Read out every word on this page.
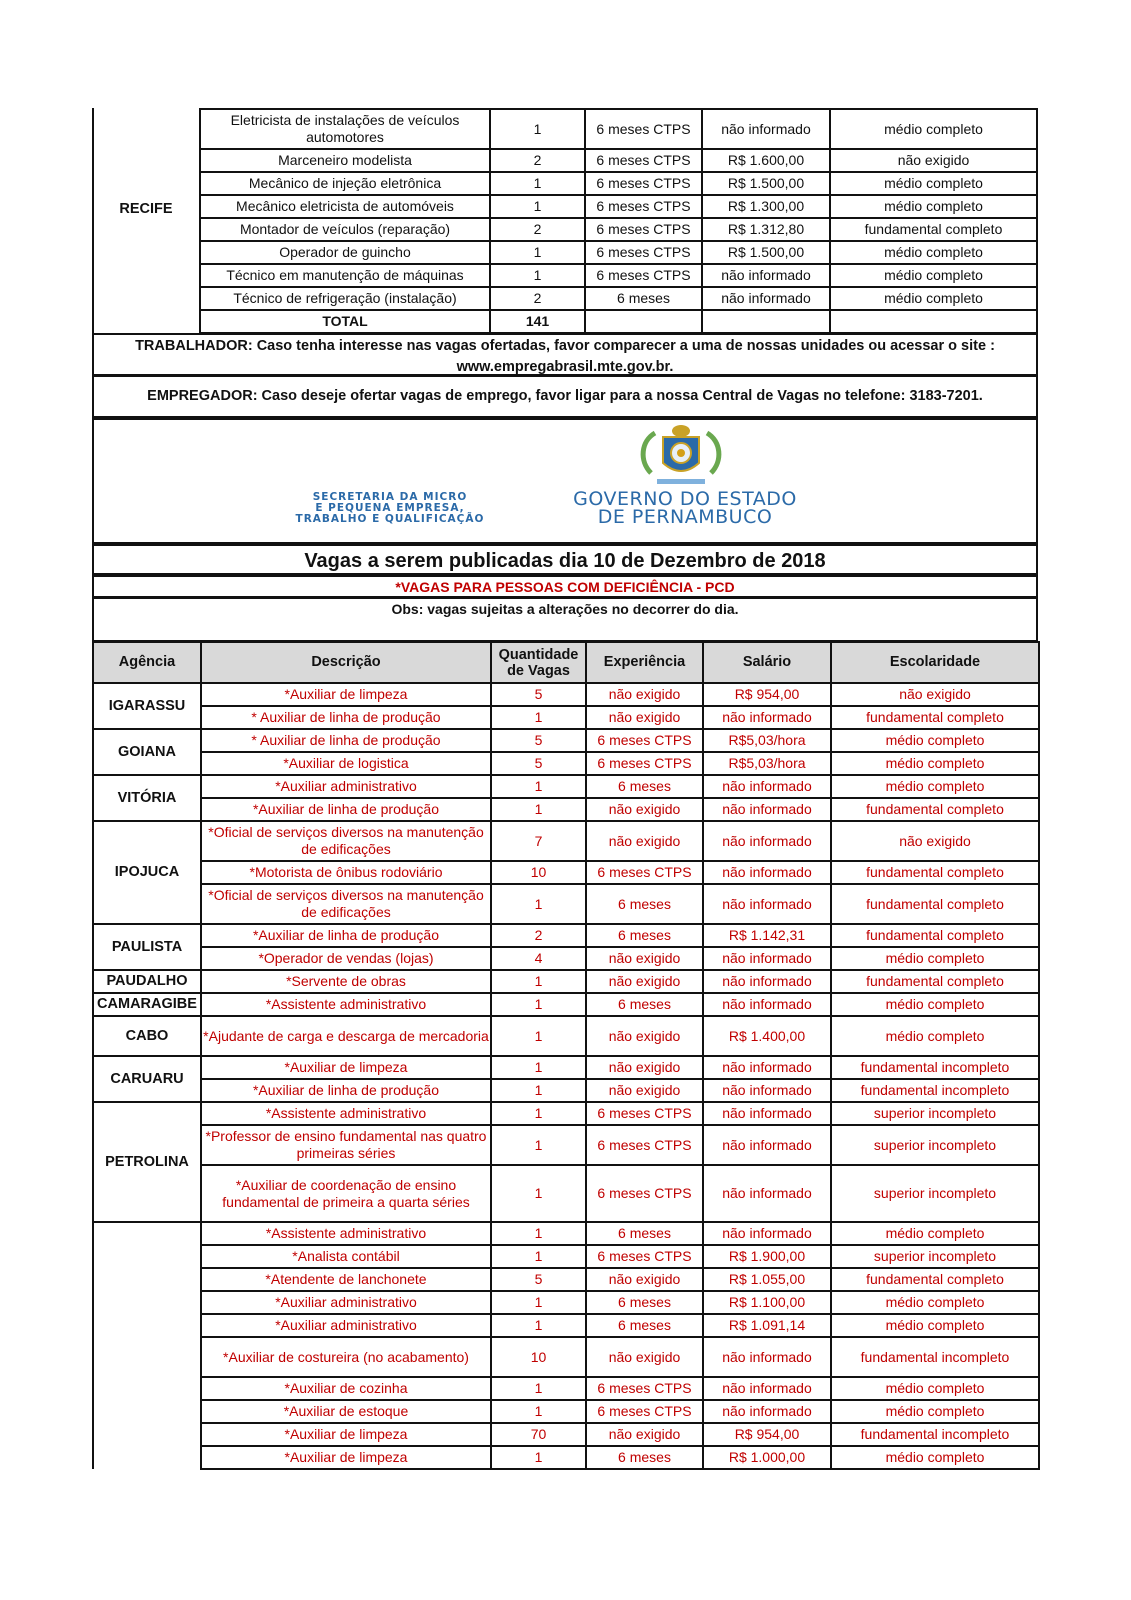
RECIFE	Eletricista de instalações de veículos automotores	1	6 meses CTPS	não informado	médio completo
	Marceneiro modelista	2	6 meses CTPS	R$ 1.600,00	não exigido
	Mecânico de injeção eletrônica	1	6 meses CTPS	R$ 1.500,00	médio completo
	Mecânico eletricista de automóveis	1	6 meses CTPS	R$ 1.300,00	médio completo
	Montador de veículos (reparação)	2	6 meses CTPS	R$ 1.312,80	fundamental completo
	Operador de guincho	1	6 meses CTPS	R$ 1.500,00	médio completo
	Técnico em manutenção de máquinas	1	6 meses CTPS	não informado	médio completo
	Técnico de refrigeração (instalação)	2	6 meses	não informado	médio completo
	TOTAL	141			
TRABALHADOR: Caso tenha interesse nas vagas ofertadas, favor comparecer a uma de nossas unidades ou acessar o site :
www.empregabrasil.mte.gov.br.
EMPREGADOR: Caso deseje ofertar vagas de emprego, favor ligar para a nossa Central de Vagas no telefone: 3183-7201.
SECRETARIA DA MICRO
E PEQUENA EMPRESA,
TRABALHO E QUALIFICAÇÃO
GOVERNO DO ESTADO
DE PERNAMBUCO
Vagas a serem publicadas dia 10 de Dezembro de 2018
*VAGAS PARA PESSOAS COM DEFICIÊNCIA - PCD
Obs: vagas sujeitas a alterações no decorrer do dia.
Agência	Descrição	Quantidade de Vagas	Experiência	Salário	Escolaridade
IGARASSU	*Auxiliar de limpeza	5	não exigido	R$ 954,00	não exigido
	* Auxiliar de linha de produção	1	não exigido	não informado	fundamental completo
GOIANA	* Auxiliar de linha de produção	5	6 meses CTPS	R$5,03/hora	médio completo
	*Auxiliar de logistica	5	6 meses CTPS	R$5,03/hora	médio completo
VITÓRIA	*Auxiliar administrativo	1	6 meses	não informado	médio completo
	*Auxiliar de linha de produção	1	não exigido	não informado	fundamental completo
IPOJUCA	*Oficial de serviços diversos na manutenção de edificações	7	não exigido	não informado	não exigido
	*Motorista de ônibus rodoviário	10	6 meses CTPS	não informado	fundamental completo
	*Oficial de serviços diversos na manutenção de edificações	1	6 meses	não informado	fundamental completo
PAULISTA	*Auxiliar de linha de produção	2	6 meses	R$ 1.142,31	fundamental completo
	*Operador de vendas (lojas)	4	não exigido	não informado	médio completo
PAUDALHO	*Servente de obras	1	não exigido	não informado	fundamental completo
CAMARAGIBE	*Assistente administrativo	1	6 meses	não informado	médio completo
CABO	*Ajudante de carga e descarga de mercadoria	1	não exigido	R$ 1.400,00	médio completo
CARUARU	*Auxiliar de limpeza	1	não exigido	não informado	fundamental incompleto
	*Auxiliar de linha de produção	1	não exigido	não informado	fundamental incompleto
PETROLINA	*Assistente administrativo	1	6 meses CTPS	não informado	superior incompleto
	*Professor de ensino fundamental nas quatro primeiras séries	1	6 meses CTPS	não informado	superior incompleto
	*Auxiliar de coordenação de ensino fundamental de primeira a quarta séries	1	6 meses CTPS	não informado	superior incompleto
	*Assistente administrativo	1	6 meses	não informado	médio completo
	*Analista contábil	1	6 meses CTPS	R$ 1.900,00	superior incompleto
	*Atendente de lanchonete	5	não exigido	R$ 1.055,00	fundamental completo
	*Auxiliar administrativo	1	6 meses	R$ 1.100,00	médio completo
	*Auxiliar administrativo	1	6 meses	R$ 1.091,14	médio completo
	*Auxiliar de costureira (no acabamento)	10	não exigido	não informado	fundamental incompleto
	*Auxiliar de cozinha	1	6 meses CTPS	não informado	médio completo
	*Auxiliar de estoque	1	6 meses CTPS	não informado	médio completo
	*Auxiliar de limpeza	70	não exigido	R$ 954,00	fundamental incompleto
	*Auxiliar de limpeza	1	6 meses	R$ 1.000,00	médio completo
